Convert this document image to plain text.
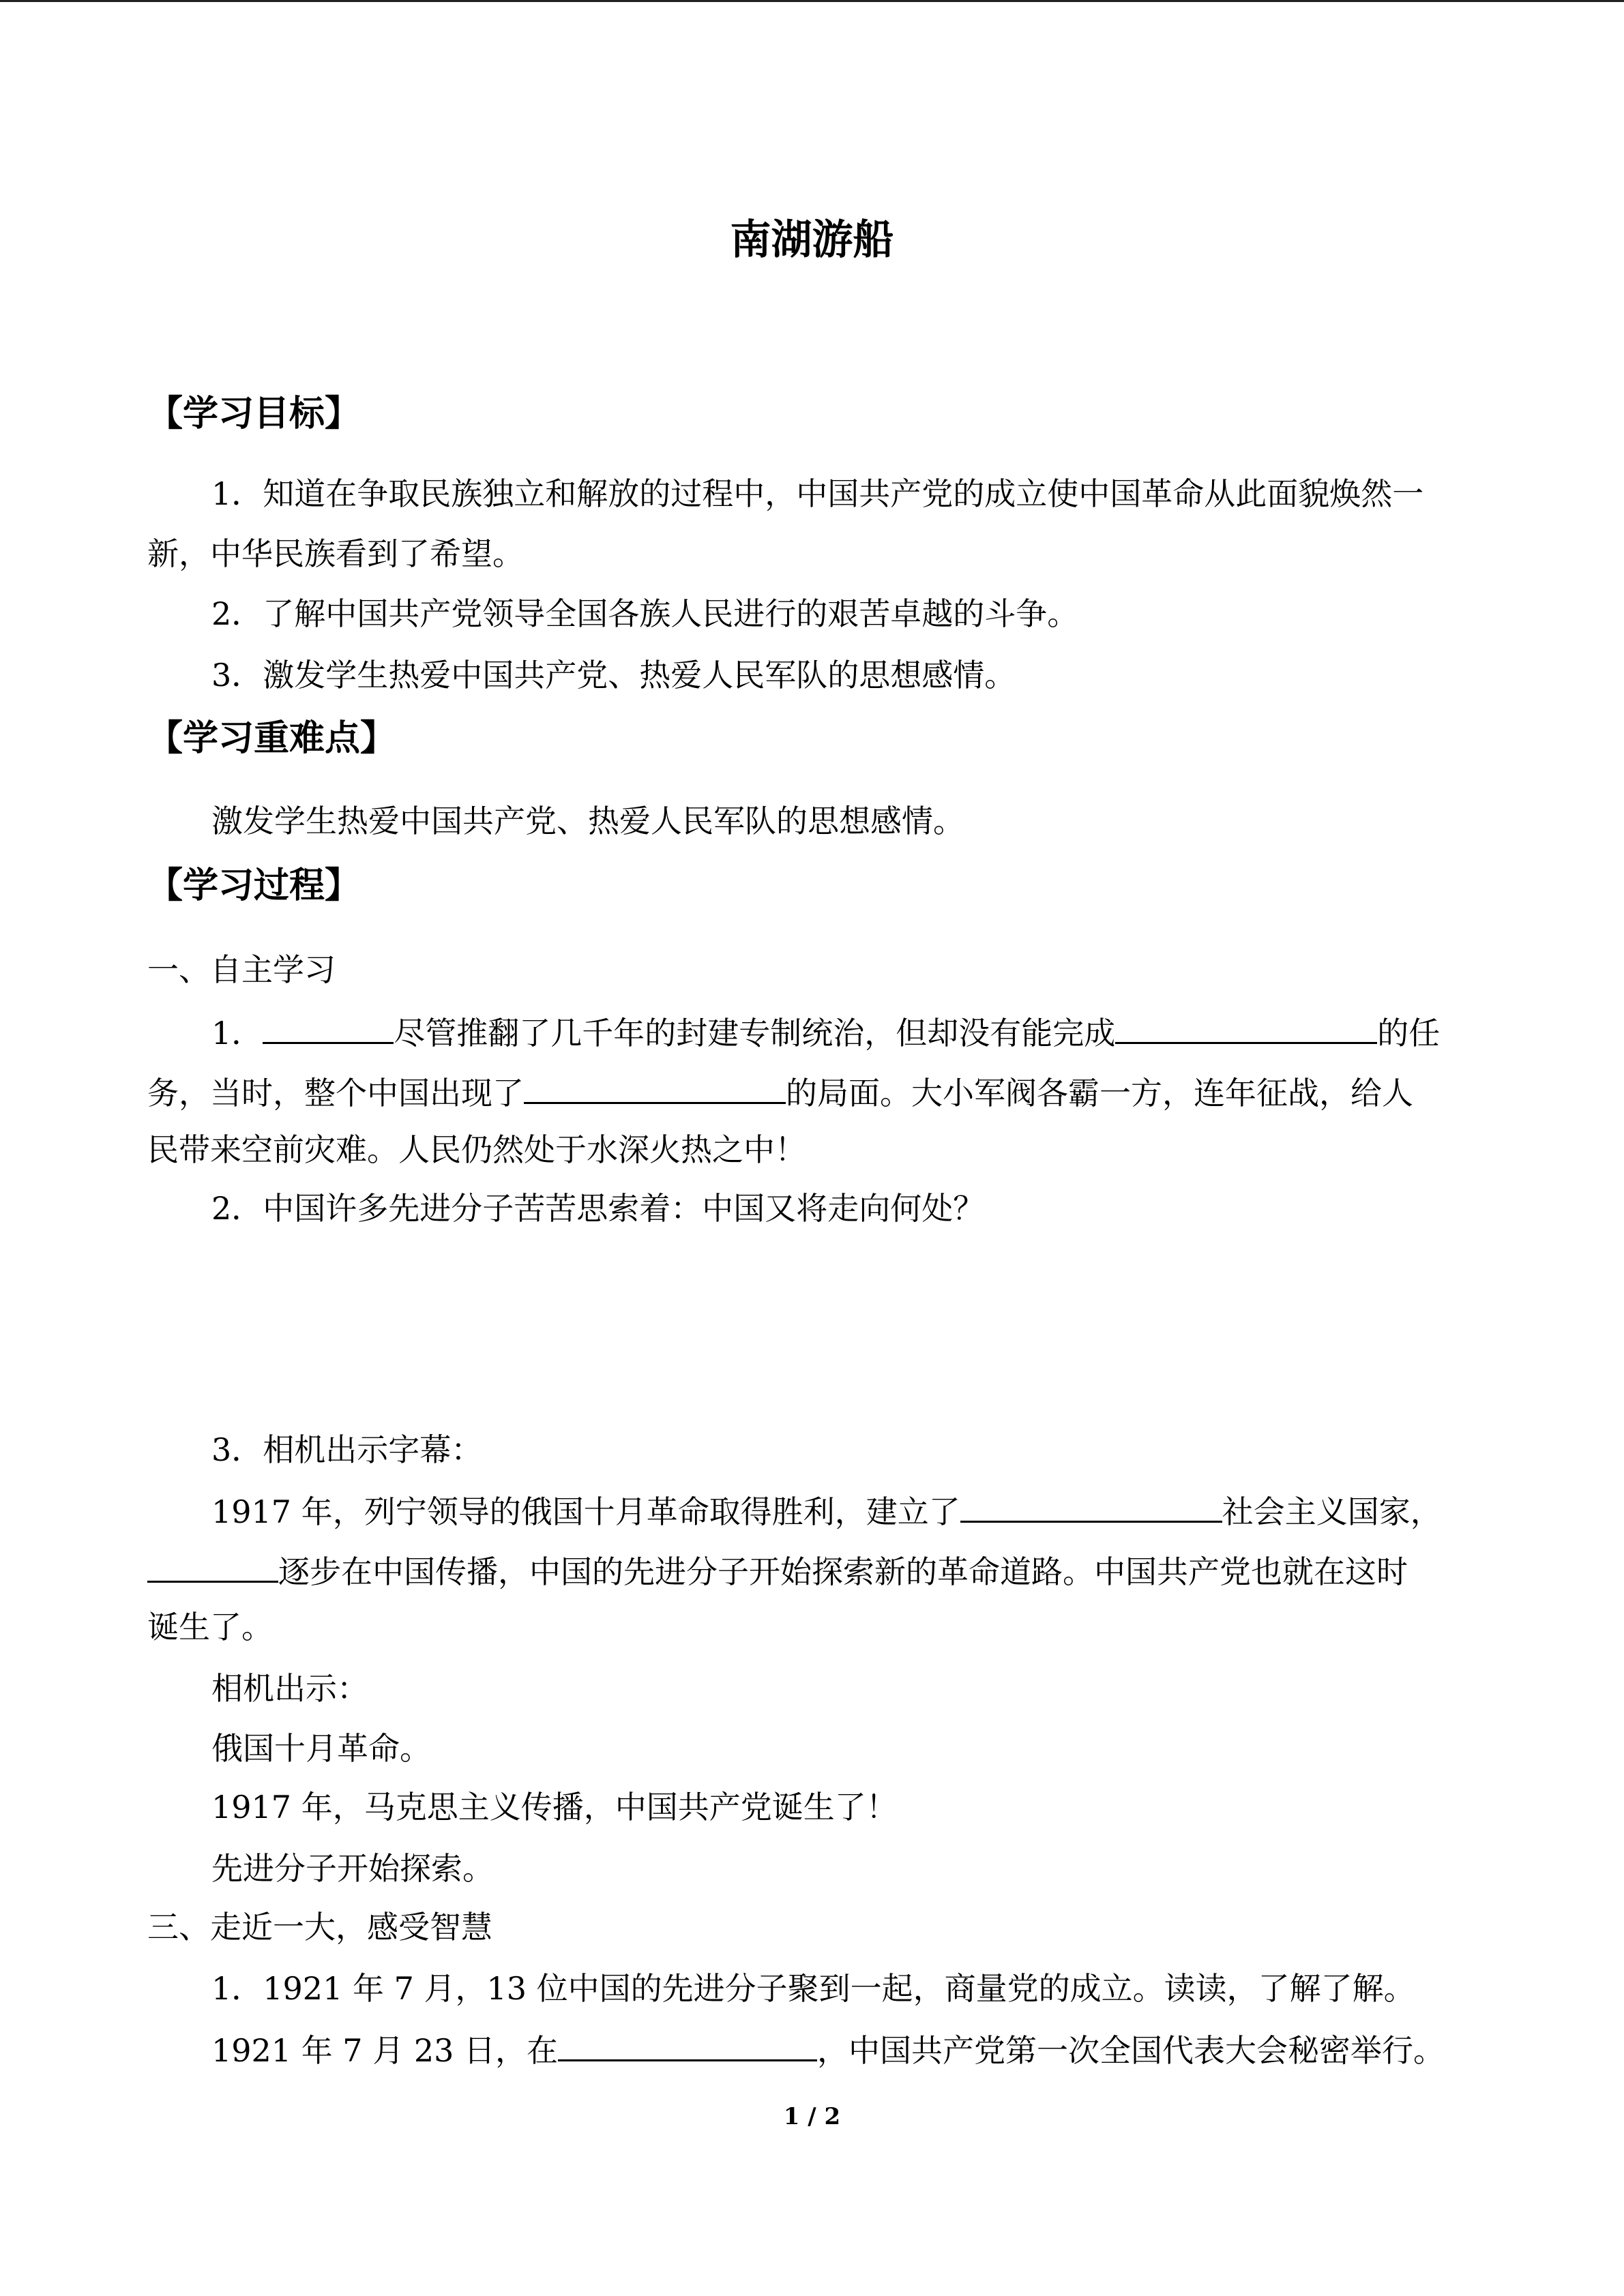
南湖游船
【学习目标】
1．知道在争取民族独立和解放的过程中，中国共产党的成立使中国革命从此面貌焕然一
新，中华民族看到了希望。
2．了解中国共产党领导全国各族人民进行的艰苦卓越的斗争。
3．激发学生热爱中国共产党、热爱人民军队的思想感情。
【学习重难点】
激发学生热爱中国共产党、热爱人民军队的思想感情。
【学习过程】
一、自主学习
1．	尽管推翻了几千年的封建专制统治，但却没有能完成	的任
务，当时，整个中国出现了	的局面。大小军阀各霸一方，连年征战，给人
民带来空前灾难。人民仍然处于水深火热之中！
2．中国许多先进分子苦苦思索着：中国又将走向何处？
3．相机出示字幕：
1917 年，列宁领导的俄国十月革命取得胜利，建立了	社会主义国家，
逐步在中国传播，中国的先进分子开始探索新的革命道路。中国共产党也就在这时
诞生了。
相机出示：
俄国十月革命。
1917 年，马克思主义传播，中国共产党诞生了！
先进分子开始探索。
三、走近一大，感受智慧
1．1921 年 7 月，13 位中国的先进分子聚到一起，商量党的成立。读读，了解了解。
1921 年 7 月 23 日，在	，中国共产党第一次全国代表大会秘密举行。
1 / 2
